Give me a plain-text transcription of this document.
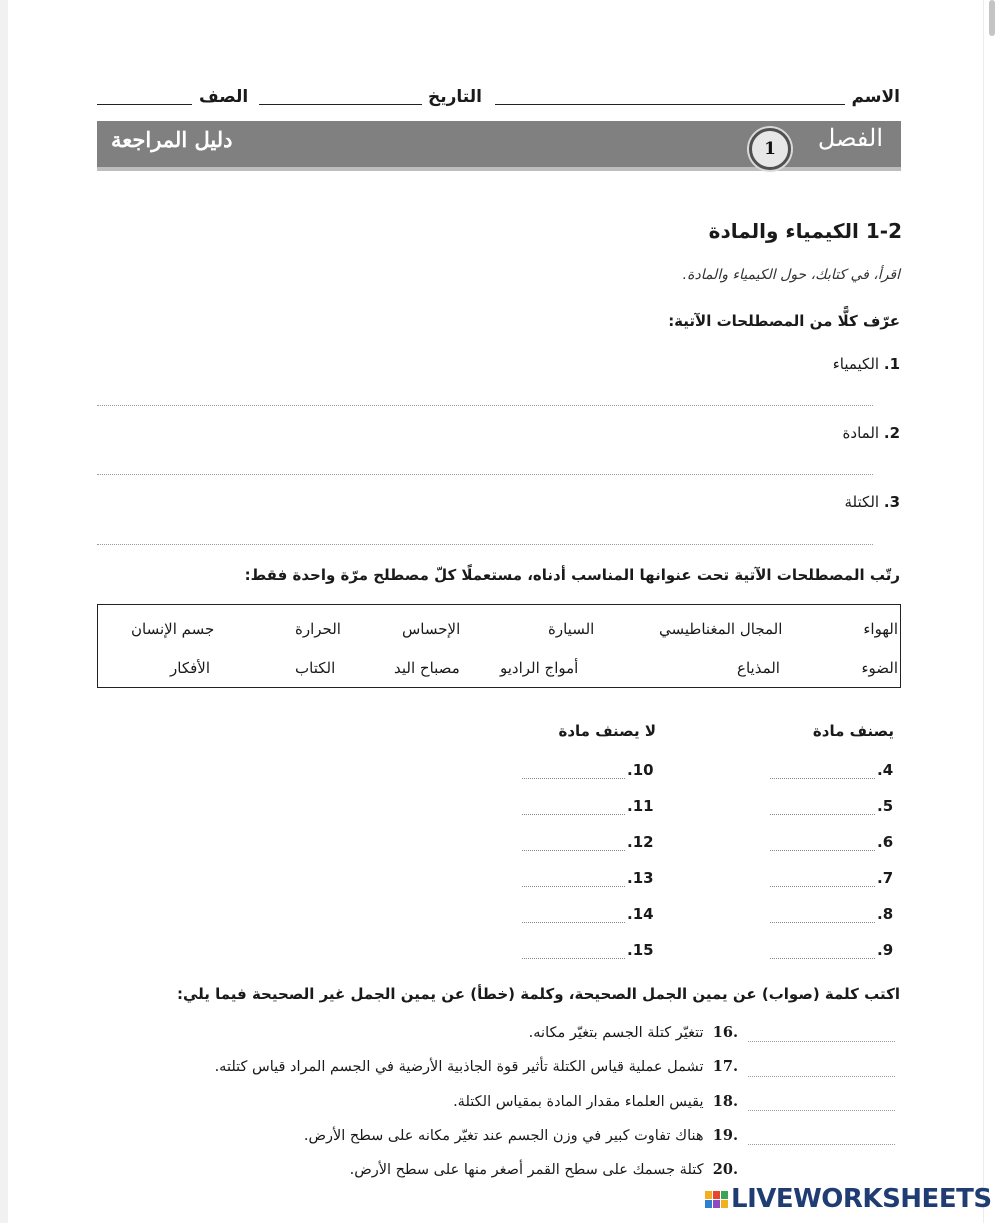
الاسم
التاريخ
الصف
الفصل
1
دليل المراجعة
1-2 الكيمياء والمادة
اقرأ، في كتابك، حول الكيمياء والمادة.
عرّف كلًّا من المصطلحات الآتية:
1. الكيمياء
2. المادة
3. الكتلة
رتّب المصطلحات الآتية تحت عنوانها المناسب أدناه، مستعملًا كلّ مصطلح مرّة واحدة فقط:
الهواء
المجال المغناطيسي
السيارة
الإحساس
الحرارة
جسم الإنسان
الضوء
المذياع
أمواج الراديو
مصباح اليد
الكتاب
الأفكار
يصنف مادة
لا يصنف مادة
.4
.5
.6
.7
.8
.9
.10
.11
.12
.13
.14
.15
اكتب كلمة (صواب) عن يمين الجمل الصحيحة، وكلمة (خطأ) عن يمين الجمل غير الصحيحة فيما يلي:
.16  تتغيّر كتلة الجسم بتغيّر مكانه.
.17  تشمل عملية قياس الكتلة تأثير قوة الجاذبية الأرضية في الجسم المراد قياس كتلته.
.18  يقيس العلماء مقدار المادة بمقياس الكتلة.
.19  هناك تفاوت كبير في وزن الجسم عند تغيّر مكانه على سطح الأرض.
.20  كتلة جسمك على سطح القمر أصغر منها على سطح الأرض.
LIVEWORKSHEETS
